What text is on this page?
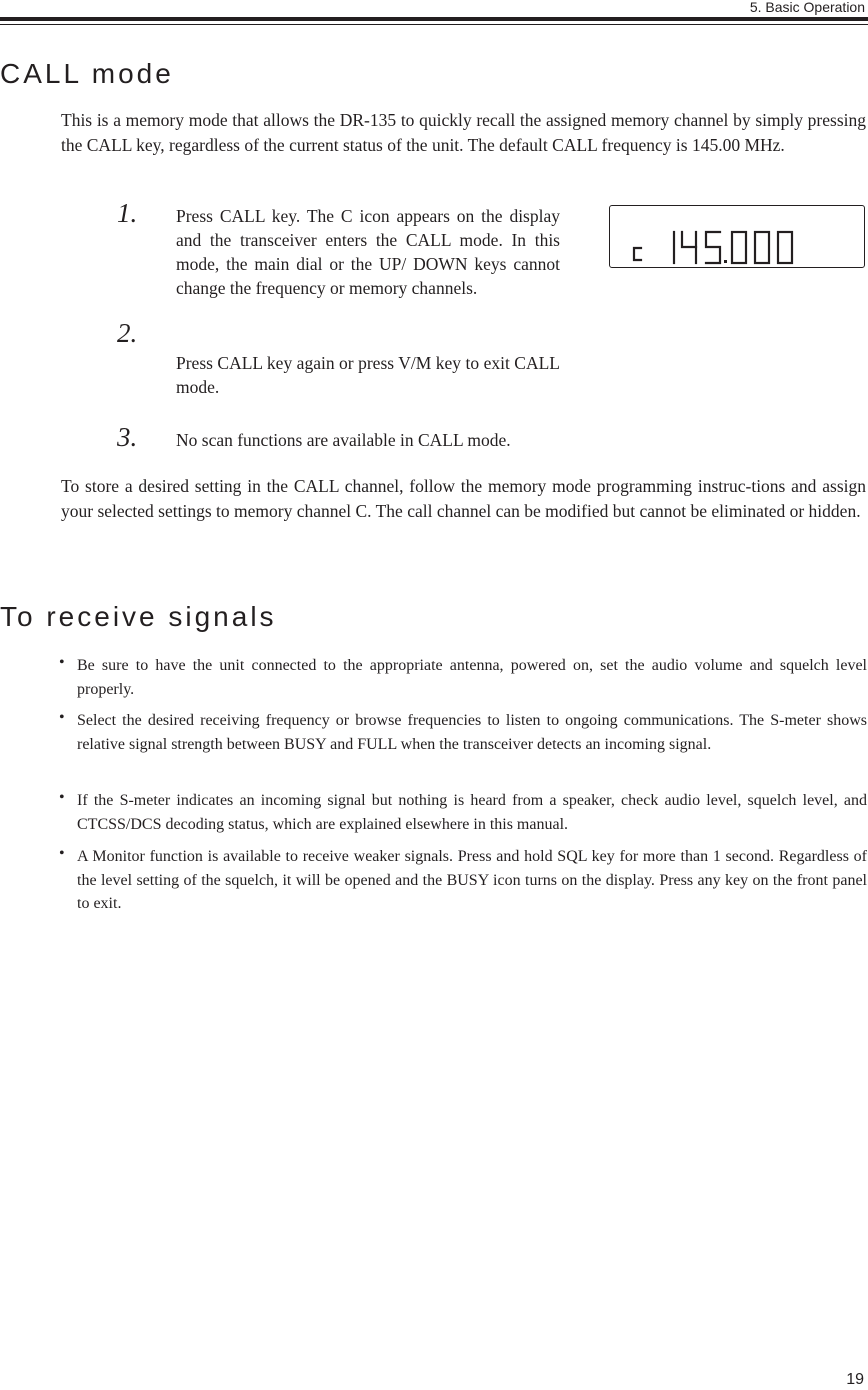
5. Basic Operation
CALL mode

This is a memory mode that allows the DR-135 to quickly recall the assigned memory channel by simply pressing the CALL key, regardless of the current status of the unit. The default CALL frequency is 145.00 MHz.

1. Press CALL key. The C icon appears on the display and the transceiver enters the CALL mode. In this mode, the main dial or the UP/ DOWN keys cannot change the frequency or memory channels.

2.

Press CALL key again or press V/M key to exit CALL mode.

3. No scan functions are available in CALL mode.

To store a desired setting in the CALL channel, follow the memory mode programming instruc-tions and assign your selected settings to memory channel C. The call channel can be modified but cannot be eliminated or hidden.

To receive signals
• Be sure to have the unit connected to the appropriate antenna, powered on, set the audio volume and squelch level properly.

• Select the desired receiving frequency or browse frequencies to listen to ongoing communications. The S-meter shows relative signal strength between BUSY and FULL when the transceiver detects an incoming signal.

• If the S-meter indicates an incoming signal but nothing is heard from a speaker, check audio level, squelch level, and CTCSS/DCS decoding status, which are explained elsewhere in this manual.

• A Monitor function is available to receive weaker signals. Press and hold SQL key for more than 1 second. Regardless of the level setting of the squelch, it will be opened and the BUSY icon turns on the display. Press any key on the front panel to exit.

19
